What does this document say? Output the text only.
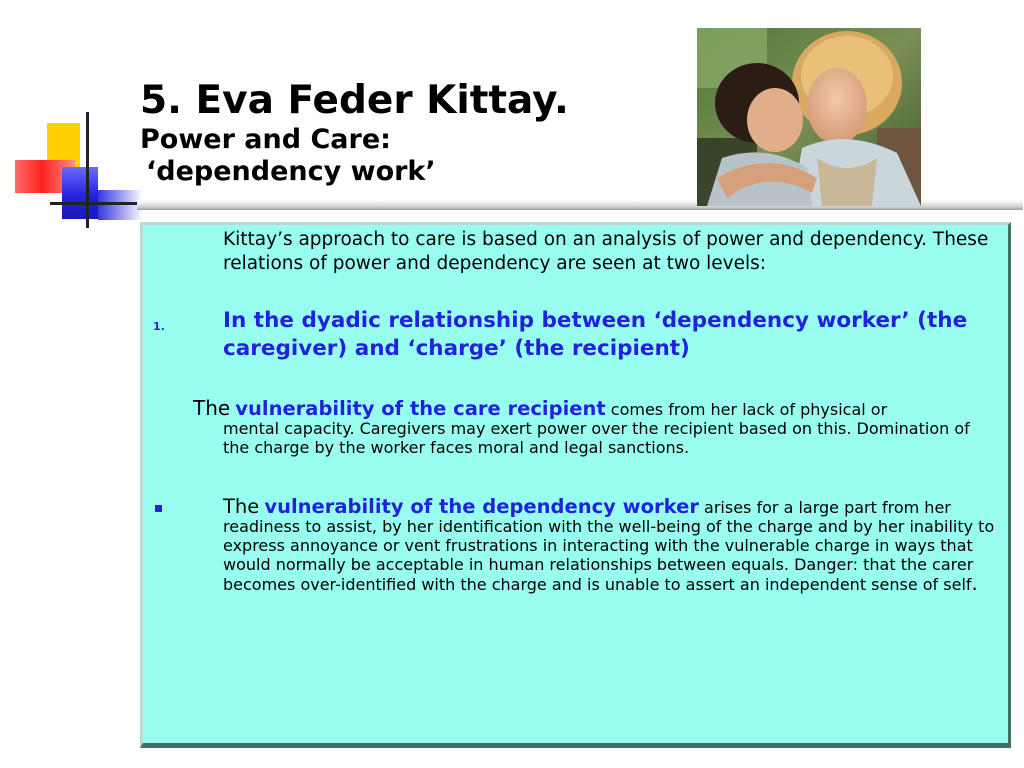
5. Eva Feder Kittay.
Power and Care:
‘dependency work’
Kittay’s approach to care is based on an analysis of power and dependency. These relations of power and dependency are seen at two levels:
1.	In the dyadic relationship between ‘dependency worker’ (the caregiver) and ‘charge’ (the recipient)
The vulnerability of the care recipient comes from her lack of physical or
mental capacity. Caregivers may exert power over the recipient based on this. Domination of the charge by the worker faces moral and legal sanctions.
The vulnerability of the dependency worker arises for a large part from her readiness to assist, by her identification with the well-being of the charge and by her inability to express annoyance or vent frustrations in interacting with the vulnerable charge in ways that would normally be acceptable in human relationships between equals. Danger: that the carer becomes over-identified with the charge and is unable to assert an independent sense of self.
